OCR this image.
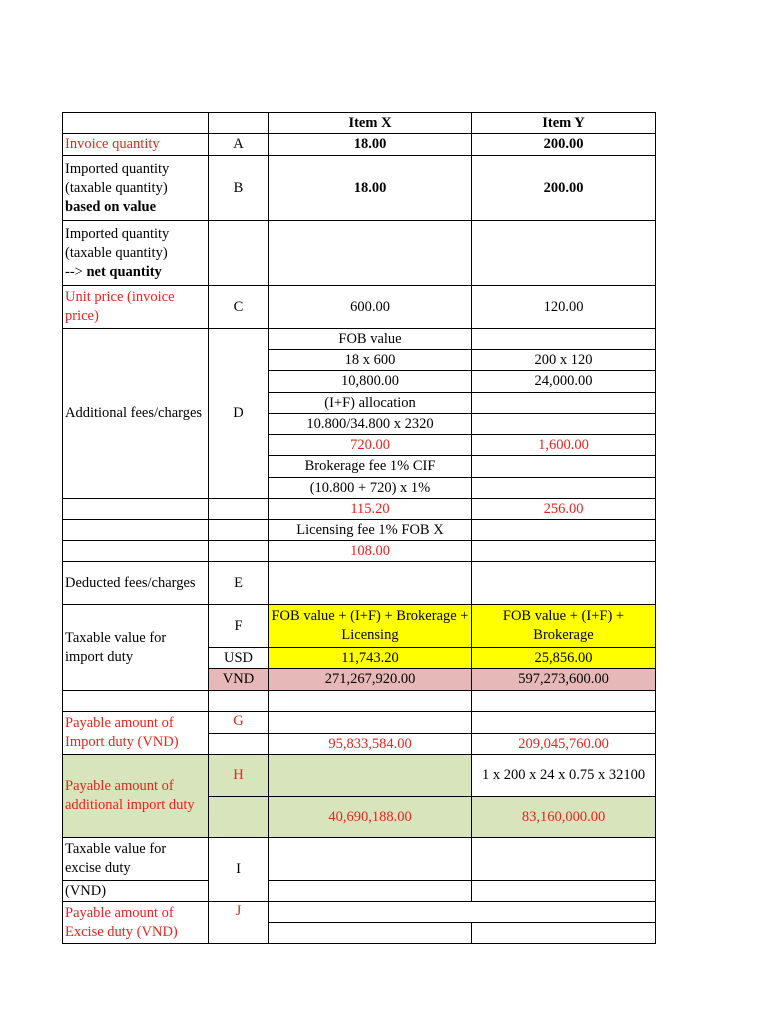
		Item X	Item Y
Invoice quantity	A	18.00	200.00

Imported quantity
(taxable quantity)
based on value	B	18.00	200.00

Imported quantity
(taxable quantity)
--> net quantity			

Unit price (invoice price)	C	600.00	120.00
Additional fees/charges	D	FOB value	
		18 x 600	200 x 120
		10,800.00	24,000.00
		(I+F) allocation	
		10.800/34.800 x 2320	
		720.00	1,600.00
		Brokerage fee 1% CIF	
		(10.800 + 720) x 1%	
		115.20	256.00
		Licensing fee 1% FOB X	
		108.00	
Deducted fees/charges	E		
Taxable value for import duty	F	FOB value + (I+F) + Brokerage + Licensing	FOB value + (I+F) + Brokerage
	USD	11,743.20	25,856.00
	VND	271,267,920.00	597,273,600.00

Payable amount of Import duty (VND)	G		
		95,833,584.00	209,045,760.00
Payable amount of additional import duty	H		1 x 200 x 24 x 0.75 x 32100
		40,690,188.00	83,160,000.00
Taxable value for excise duty	I		
(VND)			
Payable amount of Excise duty (VND)	J		
